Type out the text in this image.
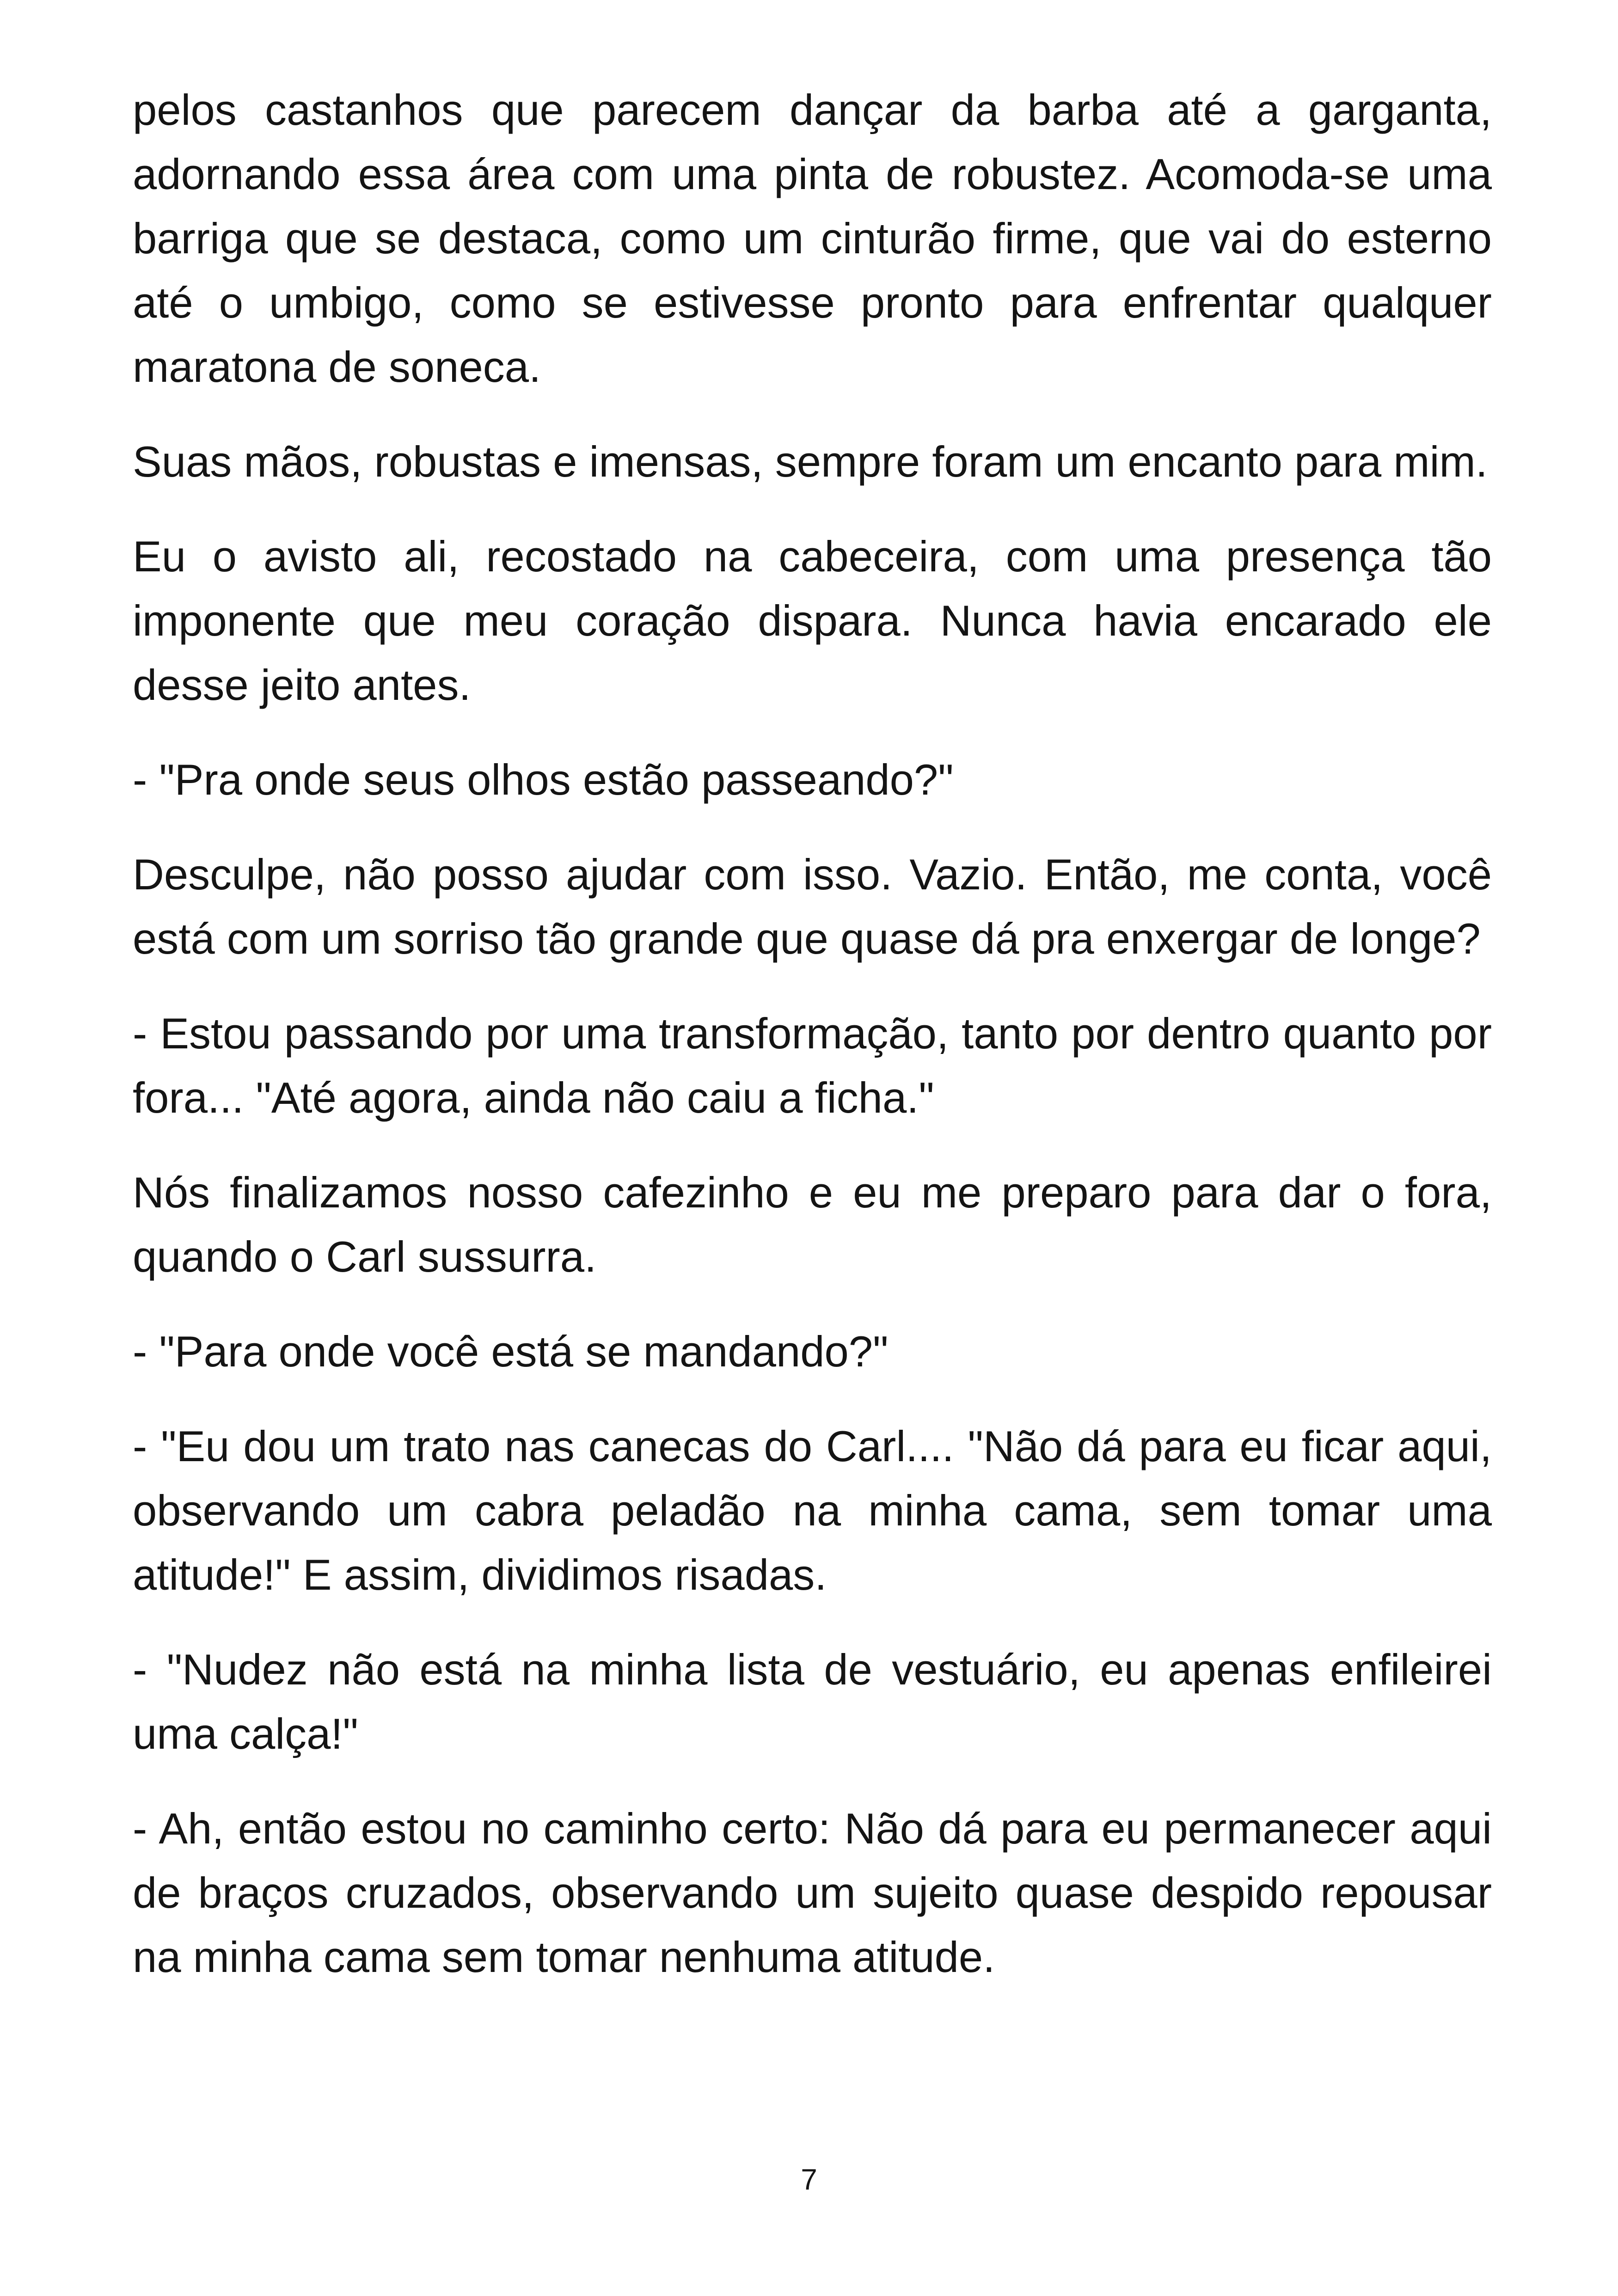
pelos castanhos que parecem dançar da barba até a garganta, adornando essa área com uma pinta de robustez. Acomoda-se uma barriga que se destaca, como um cinturão firme, que vai do esterno até o umbigo, como se estivesse pronto para enfrentar qualquer maratona de soneca.

Suas mãos, robustas e imensas, sempre foram um encanto para mim.

Eu o avisto ali, recostado na cabeceira, com uma presença tão imponente que meu coração dispara. Nunca havia encarado ele desse jeito antes.

- "Pra onde seus olhos estão passeando?"

Desculpe, não posso ajudar com isso. Vazio. Então, me conta, você está com um sorriso tão grande que quase dá pra enxergar de longe?

- Estou passando por uma transformação, tanto por dentro quanto por fora... "Até agora, ainda não caiu a ficha."

Nós finalizamos nosso cafezinho e eu me preparo para dar o fora, quando o Carl sussurra.

- "Para onde você está se mandando?"

- "Eu dou um trato nas canecas do Carl.... "Não dá para eu ficar aqui, observando um cabra peladão na minha cama, sem tomar uma atitude!" E assim, dividimos risadas.

- "Nudez não está na minha lista de vestuário, eu apenas enfileirei uma calça!"

- Ah, então estou no caminho certo: Não dá para eu permanecer aqui de braços cruzados, observando um sujeito quase despido repousar na minha cama sem tomar nenhuma atitude.

7
